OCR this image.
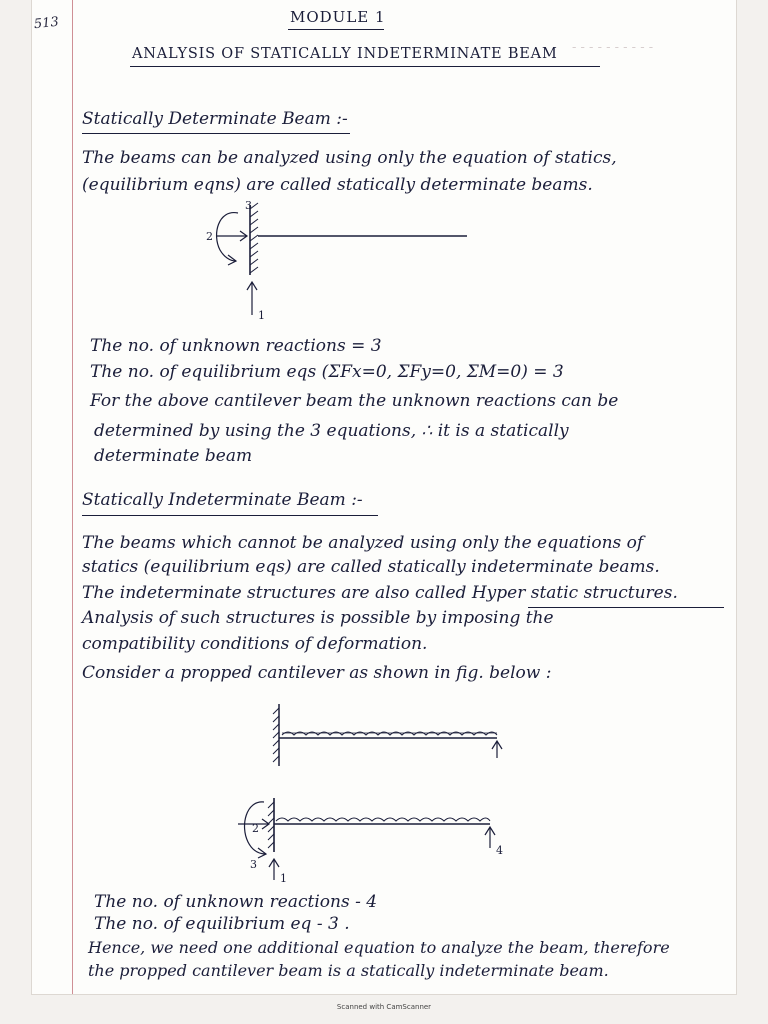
513
- - - - - - - - - -
MODULE 1
ANALYSIS OF STATICALLY INDETERMINATE BEAM
Statically Determinate Beam :-
The beams can be analyzed using only the equation of statics,
(equilibrium eqns) are called statically determinate beams.
3
2
1
The no. of unknown reactions = 3
The no. of equilibrium eqs (ΣFx=0, ΣFy=0, ΣM=0) = 3
For the above cantilever beam the unknown reactions can be
determined by using the 3 equations, ∴ it is a statically
determinate beam
Statically Indeterminate Beam :-
The beams which cannot be analyzed using only the equations of
statics (equilibrium eqs) are called statically indeterminate beams.
The indeterminate structures are also called Hyper static structures.
Analysis of such structures is possible by imposing the
compatibility conditions of deformation.
Consider a propped cantilever as shown in fig. below :
2
3
1
4
The no. of unknown reactions - 4
The no. of equilibrium eq - 3 .
Hence, we need one additional equation to analyze the beam, therefore
the propped cantilever beam is a statically indeterminate beam.
Scanned with CamScanner
